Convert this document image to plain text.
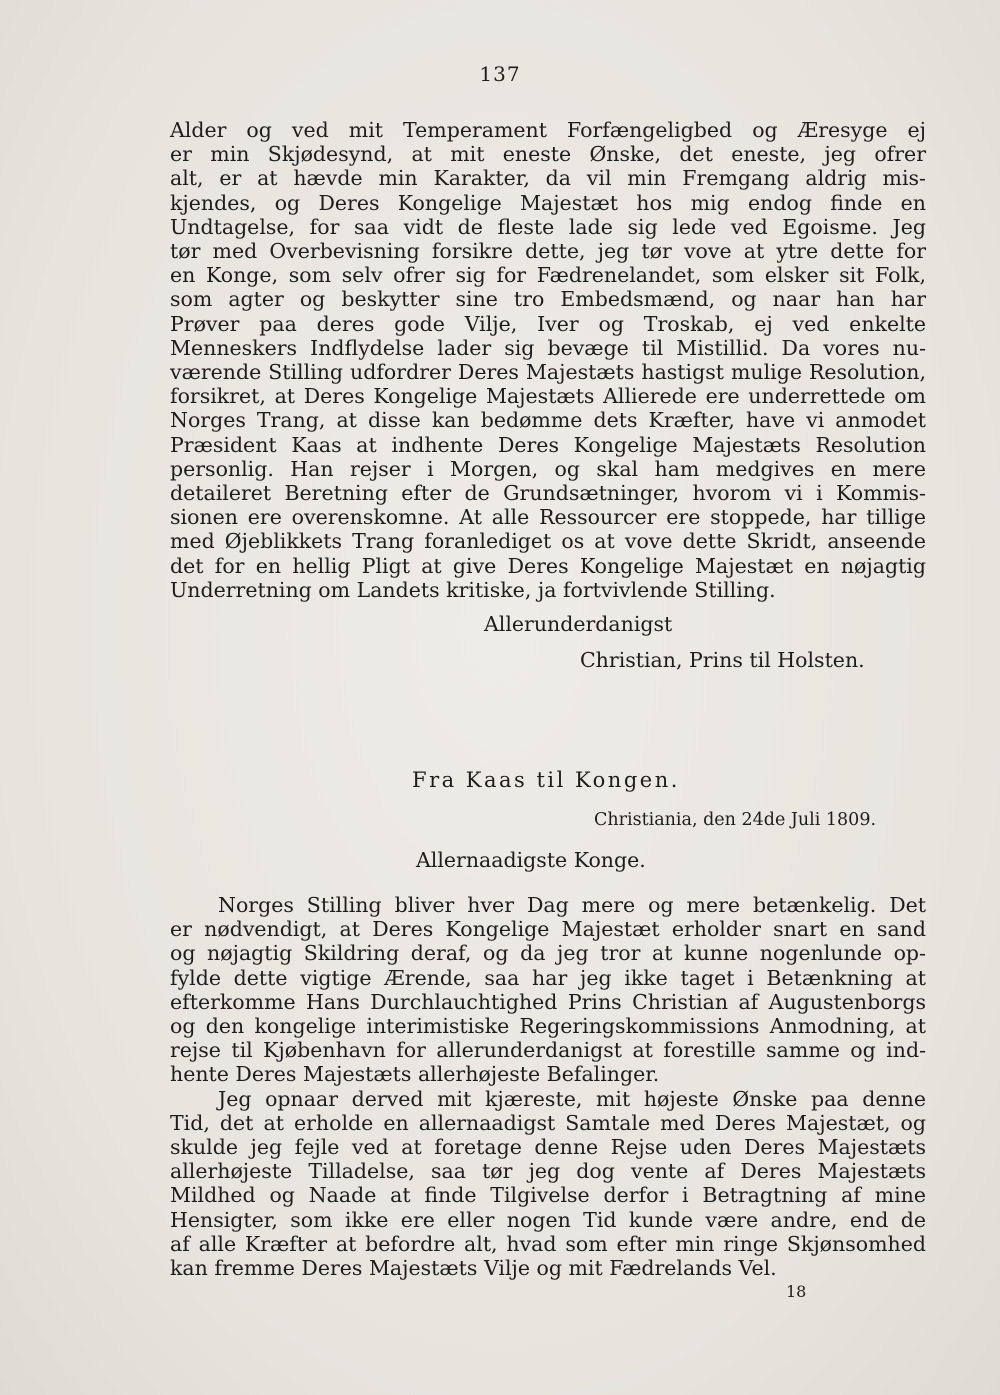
137
Alder og ved mit Temperament Forfængeligbed og Æresyge ej
er min Skjødesynd, at mit eneste Ønske, det eneste, jeg ofrer
alt, er at hævde min Karakter, da vil min Fremgang aldrig mis-
kjendes, og Deres Kongelige Majestæt hos mig endog finde en
Undtagelse, for saa vidt de fleste lade sig lede ved Egoisme. Jeg
tør med Overbevisning forsikre dette, jeg tør vove at ytre dette for
en Konge, som selv ofrer sig for Fædrenelandet, som elsker sit Folk,
som agter og beskytter sine tro Embedsmænd, og naar han har
Prøver paa deres gode Vilje, Iver og Troskab, ej ved enkelte
Menneskers Indflydelse lader sig bevæge til Mistillid. Da vores nu-
værende Stilling udfordrer Deres Majestæts hastigst mulige Resolution,
forsikret, at Deres Kongelige Majestæts Allierede ere underrettede om
Norges Trang, at disse kan bedømme dets Kræfter, have vi anmodet
Præsident Kaas at indhente Deres Kongelige Majestæts Resolution
personlig. Han rejser i Morgen, og skal ham medgives en mere
detaileret Beretning efter de Grundsætninger, hvorom vi i Kommis-
sionen ere overenskomne. At alle Ressourcer ere stoppede, har tillige
med Øjeblikkets Trang foranlediget os at vove dette Skridt, anseende
det for en hellig Pligt at give Deres Kongelige Majestæt en nøjagtig
Underretning om Landets kritiske, ja fortvivlende Stilling.
Allerunderdanigst
Christian, Prins til Holsten.
Fra Kaas til Kongen.
Christiania, den 24de Juli 1809.
Allernaadigste Konge.
Norges Stilling bliver hver Dag mere og mere betænkelig. Det
er nødvendigt, at Deres Kongelige Majestæt erholder snart en sand
og nøjagtig Skildring deraf, og da jeg tror at kunne nogenlunde op-
fylde dette vigtige Ærende, saa har jeg ikke taget i Betænkning at
efterkomme Hans Durchlauchtighed Prins Christian af Augustenborgs
og den kongelige interimistiske Regeringskommissions Anmodning, at
rejse til Kjøbenhavn for allerunderdanigst at forestille samme og ind-
hente Deres Majestæts allerhøjeste Befalinger.
Jeg opnaar derved mit kjæreste, mit højeste Ønske paa denne
Tid, det at erholde en allernaadigst Samtale med Deres Majestæt, og
skulde jeg fejle ved at foretage denne Rejse uden Deres Majestæts
allerhøjeste Tilladelse, saa tør jeg dog vente af Deres Majestæts
Mildhed og Naade at finde Tilgivelse derfor i Betragtning af mine
Hensigter, som ikke ere eller nogen Tid kunde være andre, end de
af alle Kræfter at befordre alt, hvad som efter min ringe Skjønsomhed
kan fremme Deres Majestæts Vilje og mit Fædrelands Vel.
18
